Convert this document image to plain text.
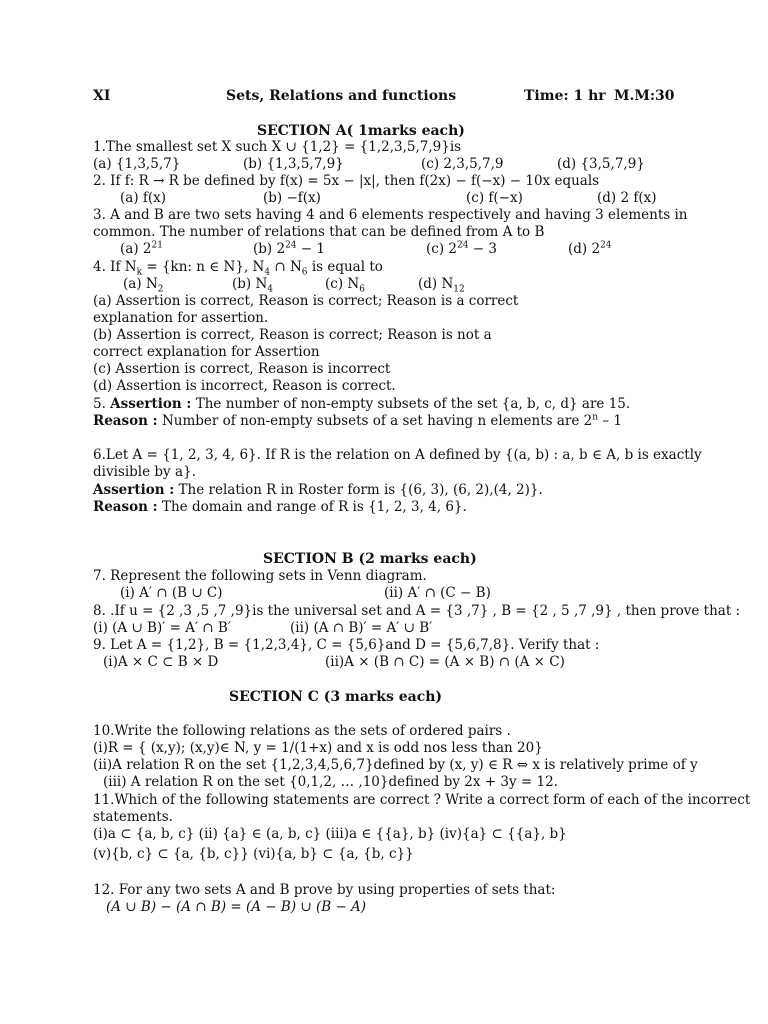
XI	Sets, Relations and functions	Time: 1 hr M.M:30
SECTION A( 1marks each)
1.The smallest set X such X ∪ {1,2} = {1,2,3,5,7,9}is
(a) {1,3,5,7}	(b) {1,3,5,7,9}	(c) 2,3,5,7,9	(d) {3,5,7,9}
2. If f: R → R be defined by f(x) = 5x − |x|, then f(2x) − f(−x) − 10x equals
(a) f(x)	(b) −f(x)	(c) f(−x)	(d) 2 f(x)
3. A and B are two sets having 4 and 6 elements respectively and having 3 elements in
common. The number of relations that can be defined from A to B
(a) $2^{21}$	(b) $2^{24} - 1$	(c) $2^{24} - 3$	(d) $2^{24}$
4. If $N_k = \{kn$: n ∈ N}, $N_4$ ∩ $N_6$ is equal to
(a) $N_2$	(b) $N_4$	(c) $N_6$	(d) $N_{12}$
(a) Assertion is correct, Reason is correct; Reason is a correct
explanation for assertion.
(b) Assertion is correct, Reason is correct; Reason is not a
correct explanation for Assertion
(c) Assertion is correct, Reason is incorrect
(d) Assertion is incorrect, Reason is correct.
5. Assertion : The number of non-empty subsets of the set {a, b, c, d} are 15.
Reason : Number of non-empty subsets of a set having n elements are 2$^n$ – 1
6.Let A = {1, 2, 3, 4, 6}. If R is the relation on A defined by {(a, b) : a, b ∈ A, b is exactly
divisible by a}.
Assertion : The relation R in Roster form is {(6, 3), (6, 2),(4, 2)}.
Reason : The domain and range of R is {1, 2, 3, 4, 6}.
SECTION B (2 marks each)
7. Represent the following sets in Venn diagram.
(i) A′ ∩ (B ∪ C)	(ii) A′ ∩ (C − B)
8. .If u = {2 ,3 ,5 ,7 ,9}is the universal set and A = {3 ,7} , B = {2 , 5 ,7 ,9} , then prove that :
(i) (A ∪ B)′ = A′ ∩ B′	(ii) (A ∩ B)′ = A′ ∪ B′
9. Let A = {1,2}, B = {1,2,3,4}, C = {5,6}and D = {5,6,7,8}. Verify that :
(i)A × C ⊂ B × D	(ii)A × (B ∩ C) = (A × B) ∩ (A × C)
SECTION C (3 marks each)
10.Write the following relations as the sets of ordered pairs .
(i)R = { (x,y); (x,y)∈ N, y = 1/(1+x) and x is odd nos less than 20}
(ii)A relation R on the set {1,2,3,4,5,6,7}defined by (x, y) ∈ R ⇔ x is relatively prime of y
(iii) A relation R on the set {0,1,2, … ,10}defined by 2x + 3y = 12.
11.Which of the following statements are correct ? Write a correct form of each of the incorrect
statements.
(i)a ⊂ {a, b, c} (ii) {a} ∈ (a, b, c} (iii)a ∈ {{a}, b} (iv){a} ⊂ {{a}, b}
(v){b, c} ⊂ {a, {b, c}} (vi){a, b} ⊂ {a, {b, c}}
12. For any two sets A and B prove by using properties of sets that:
(A ∪ B) − (A ∩ B) = (A − B) ∪ (B − A)
